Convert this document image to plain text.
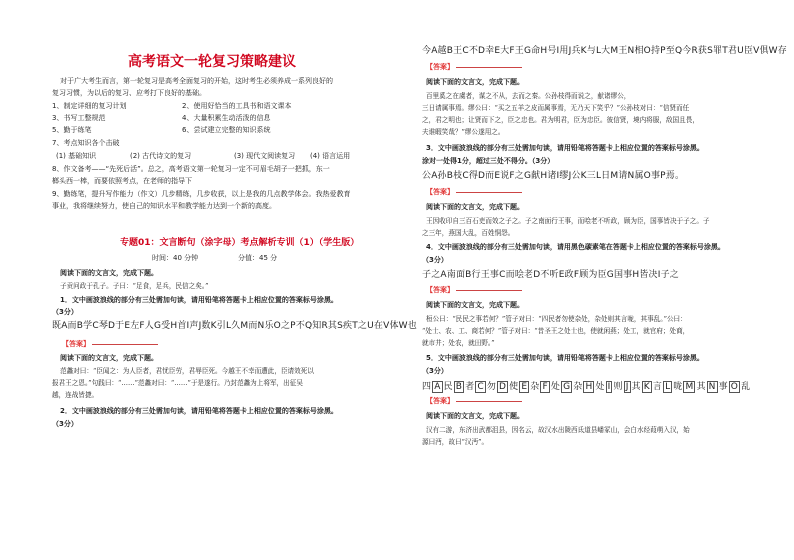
高考语文一轮复习策略建议
对于广大考生而言，第一轮复习是高考全面复习的开始，这时考生必须养成一系列良好的
复习习惯，为以后的复习、应考打下良好的基础。
1、制定详细的复习计划	2、使用好恰当的工具书和语文课本
3、书写工整规范	4、大量积累生动活泼的信息
5、勤于练笔	6、尝试建立完整的知识系统
7、考点知识各个击破
(1) 基础知识	(2) 古代诗文的复习	(3) 现代文阅读复习 (4) 语言运用
8、作文备考——“先死后活”。总之，高考语文第一轮复习一定不可眉毛胡子一把抓，东一
榔头西一棒，而要依照考点，在老师的指导下
9、勤练笔，提升写作能力（作文）几步精练，几步收获，以上是我的几点教学体会。我热爱教育
事业，我将继续努力，使自己的知识水平和教学能力达到一个新的高度。
专题01：文言断句（涂字母）考点解析专训（1）（学生版）
时间：40 分钟	分值：45 分
阅读下面的文言文，完成下题。
子贡问政于孔子。子曰：“足食，足兵，民信之矣。”
1．文中画波浪线的部分有三处需加句读，请用铅笔将答题卡上相应位置的答案标号涂黑。
（3分）
既A而B学C琴D于E左F人G受H首I声J数K引L久M而N乐O之P不Q知R其S疾T之U在V体W也
【答案】
阅读下面的文言文，完成下题。
范蠡对曰：“臣闻之：为人臣者，君忧臣劳，君辱臣死。今越王不幸而遭此，臣请效死以
报君王之恩。”句践曰：“……”范蠡对曰：“……”于是遂行。乃封范蠡为上将军，出征吴
越，连战皆捷。
2．文中画波浪线的部分有三处需加句读，请用铅笔将答题卡上相应位置的答案标号涂黑。
（3分）
今A越B王C不D幸E大F王G命H号I用J兵K与L大M王N相O持P至Q今R获S罪T君U臣V俱W存
【答案】
阅读下面的文言文，完成下题。
百里奚之在虞者，谋之不从，去而之秦。公孙枝得而说之，献诸缪公，
三日请属事焉。缪公曰：“买之五羊之皮而属事焉，无乃天下笑乎？”公孙枝对曰：“信贤而任
之，君之明也；让贤而下之，臣之忠也。君为明君，臣为忠臣。彼信贤，境内将服，敌国且畏，
夫谁暇笑哉？”缪公遂用之。
3．文中画波浪线的部分有三处需加句读，请用铅笔将答题卡上相应位置的答案标号涂黑。
涂对一处得1分，超过三处不得分。（3分）
公A孙B枝C得D而E说F之G献H诸I缪J公K三L日M请N属O事P焉。
【答案】
阅读下面的文言文，完成下题。
王因收印自三百石吏而效之子之。子之南面行王事，而哙老不听政，顾为臣，国事皆决于子之。子
之三年，燕国大乱，百姓恫怨。
4．文中画波浪线的部分有三处需加句读，请用黑色碳素笔在答题卡上相应位置的答案标号涂黑。
（3分）
子之A南面B行王事C而哙老D不听E政F顾为臣G国事H皆决I子之
【答案】
阅读下面的文言文，完成下题。
桓公曰：“民民之事若何？”管子对曰：“四民者勿使杂处，杂处则其言咙，其事乱。”公曰：
“处士、农、工、商若何？”管子对曰：“昔圣王之处士也，使就闲燕；处工，就官府；处商，
就市井；处农，就田野。”
5．文中画波浪线的部分有三处需加句读，请用铅笔将答题卡上相应位置的答案标号涂黑。
（3分）
四 A 民 B 者 C 勿 D 使 E 杂 F 处 G 杂 H 处 I 则 J 其 K 言 L 咙 M 其 N 事 O 乱
【答案】
阅读下面的文言文，完成下题。
汉有二游，东济出武都沮县，因名云，故汉水出陇西氐道县嶓冢山，会白水经葭萌入汉，始
源曰沔，故曰“汉沔”。
